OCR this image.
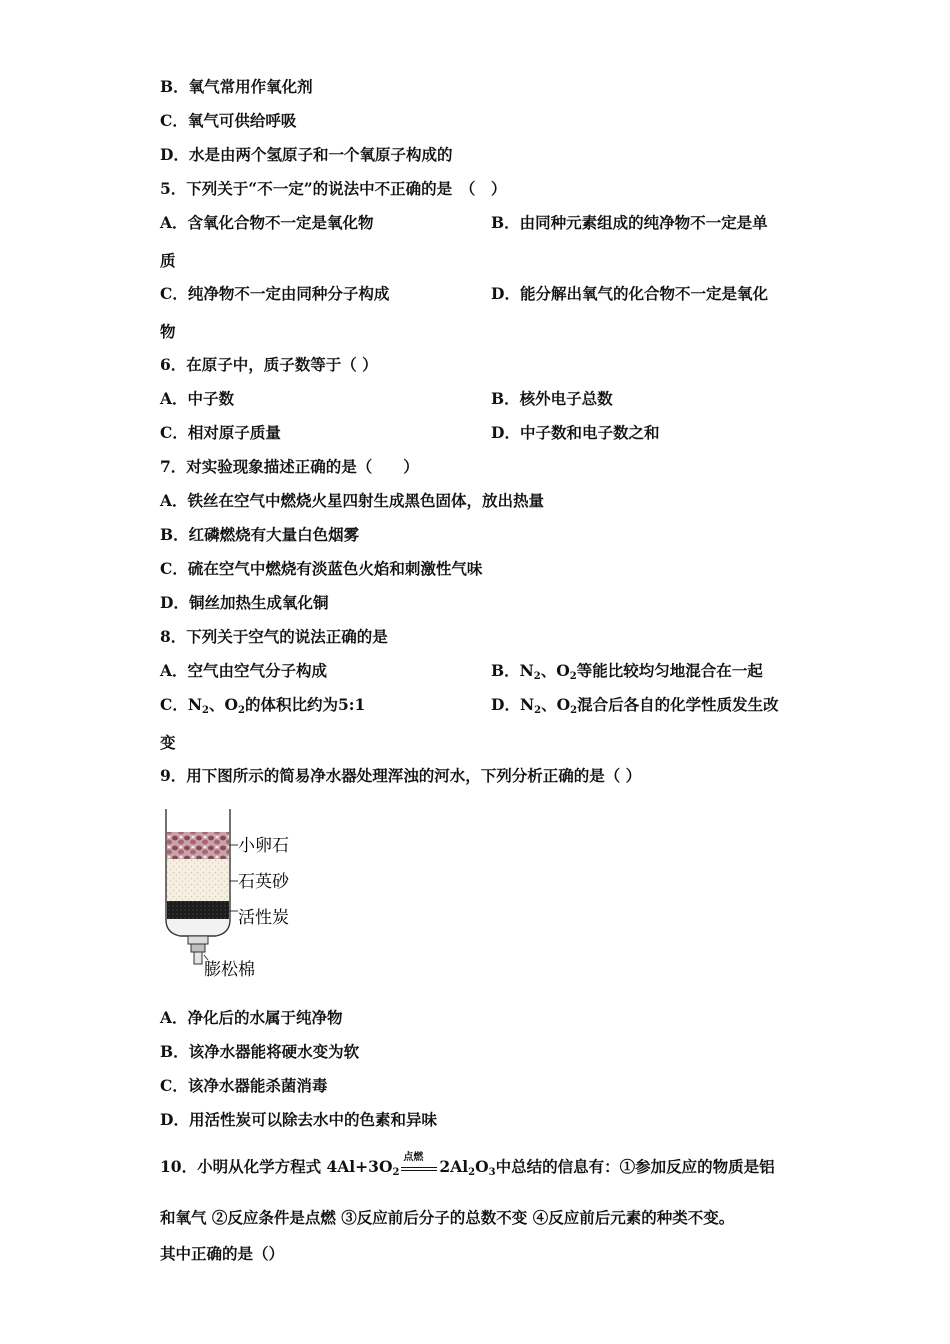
B．氧气常用作氧化剂
C．氧气可供给呼吸
D．水是由两个氢原子和一个氧原子构成的
5．下列关于“不一定”的说法中不正确的是　（　）
A．含氧化合物不一定是氧化物	B．由同种元素组成的纯净物不一定是单
质
C．纯净物不一定由同种分子构成	D．能分解出氧气的化合物不一定是氧化
物
6．在原子中，质子数等于（ ）
A．中子数	B．核外电子总数
C．相对原子质量	D．中子数和电子数之和
7．对实验现象描述正确的是（　　）
A．铁丝在空气中燃烧火星四射生成黑色固体，放出热量
B．红磷燃烧有大量白色烟雾
C．硫在空气中燃烧有淡蓝色火焰和刺激性气味
D．铜丝加热生成氧化铜
8．下列关于空气的说法正确的是
A．空气由空气分子构成	B．$N_2$、$O_2$等能比较均匀地混合在一起
C．$N_2$、$O_2$的体积比约为5:1	D．$N_2$、$O_2$混合后各自的化学性质发生改
变
9．用下图所示的简易净水器处理浑浊的河水，下列分析正确的是（ ）
小卵石
石英砂
活性炭
膨松棉
A．净化后的水属于纯净物
B．该净水器能将硬水变为软
C．该净水器能杀菌消毒
D．用活性炭可以除去水中的色素和异味
10．小明从化学方程式 $4Al+3O_2$
点燃 $2Al_2O_3$中总结的信息有：①参加反应的物质是铝
和氧气 ②反应条件是点燃 ③反应前后分子的总数不变 ④反应前后元素的种类不变。
其中正确的是（）
